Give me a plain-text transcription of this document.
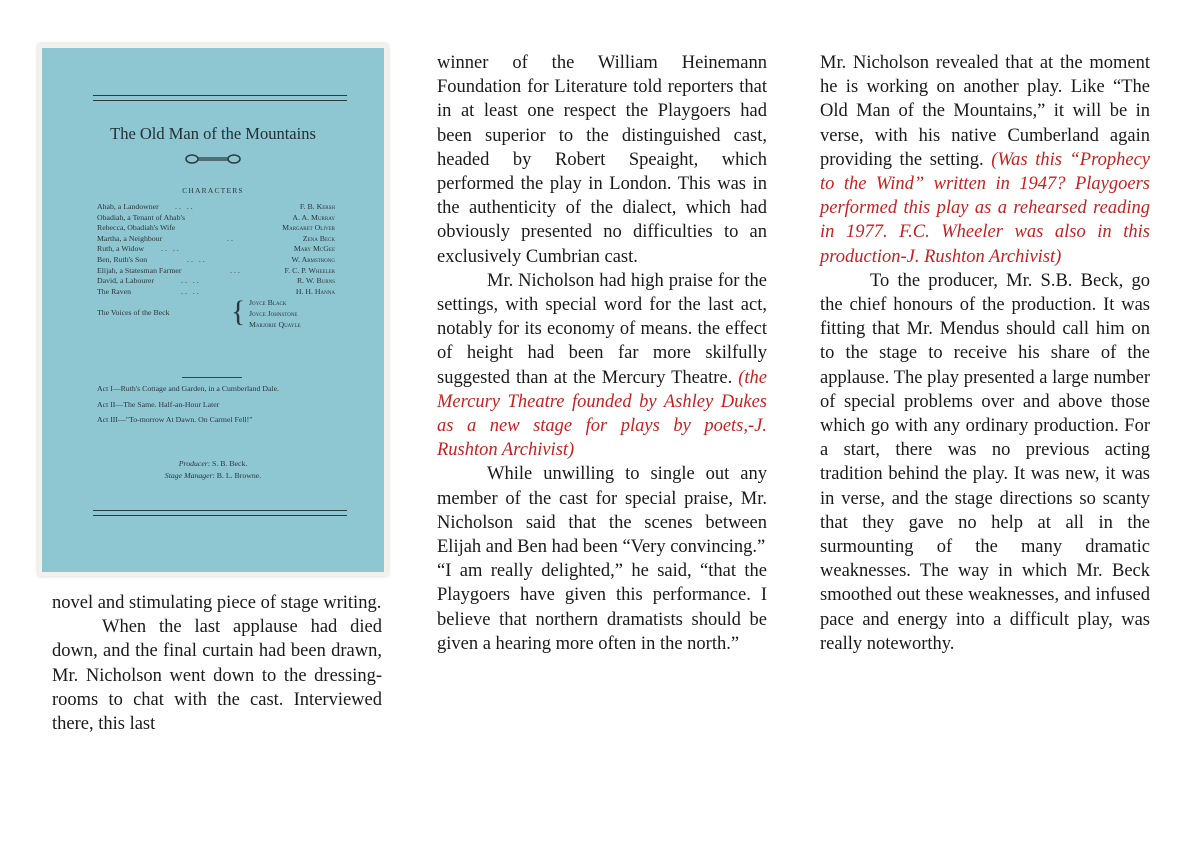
The Old Man of the Mountains
CHARACTERS
Ahab, a Landowner .. ..	F. B. Kersh
Obadiah, a Tenant of Ahab's	A. A. Murray
Rebecca, Obadiah's Wife	Margaret Oliver
Martha, a Neighbour	..	Zena Beck
Ruth, a Widow .. ..	Mary McGee
Ben, Ruth's Son	.. ..	W. Armstrong
Elijah, a Statesman Farmer	...	F. C. P. Wheeler
David, a Labourer	.. ..	R. W. Burns
The Raven	.. ..	H. H. Hanna
The Voices of the Beck { Joyce Black
Joyce Johnstone
Marjorie Quayle

Act I—Ruth's Cottage and Garden, in a Cumberland Dale.

Act II—The Same. Half-an-Hour Later

Act III—"To-morrow At Dawn. On Carmel Fell!"

Producer: S. B. Beck.
Stage Manager: B. L. Browne.

novel and stimulating piece of stage writing.

When the last applause had died down, and the final curtain had been drawn, Mr. Nicholson went down to the dressing-rooms to chat with the cast. Interviewed there, this last

winner of the William Heinemann Foundation for Literature told reporters that in at least one respect the Playgoers had been superior to the distinguished cast, headed by Robert Speaight, which performed the play in London. This was in the authenticity of the dialect, which had obviously presented no difficulties to an exclusively Cumbrian cast.

Mr. Nicholson had high praise for the settings, with special word for the last act, notably for its economy of means. the effect of height had been far more skilfully suggested than at the Mercury Theatre. (the Mercury Theatre founded by Ashley Dukes as a new stage for plays by poets,-J. Rushton Archivist)

While unwilling to single out any member of the cast for special praise, Mr. Nicholson said that the scenes between Elijah and Ben had been “Very convincing.”

“I am really delighted,” he said, “that the Playgoers have given this performance. I believe that northern dramatists should be given a hearing more often in the north.”

Mr. Nicholson revealed that at the moment he is working on another play. Like “The Old Man of the Mountains,” it will be in verse, with his native Cumberland again providing the setting. (Was this “Prophecy to the Wind” written in 1947? Playgoers performed this play as a rehearsed reading in 1977. F.C. Wheeler was also in this production-J. Rushton Archivist)

To the producer, Mr. S.B. Beck, go the chief honours of the production. It was fitting that Mr. Mendus should call him on to the stage to receive his share of the applause. The play presented a large number of special problems over and above those which go with any ordinary production. For a start, there was no previous acting tradition behind the play. It was new, it was in verse, and the stage directions so scanty that they gave no help at all in the surmounting of the many dramatic weaknesses. The way in which Mr. Beck smoothed out these weaknesses, and infused pace and energy into a difficult play, was really noteworthy.
